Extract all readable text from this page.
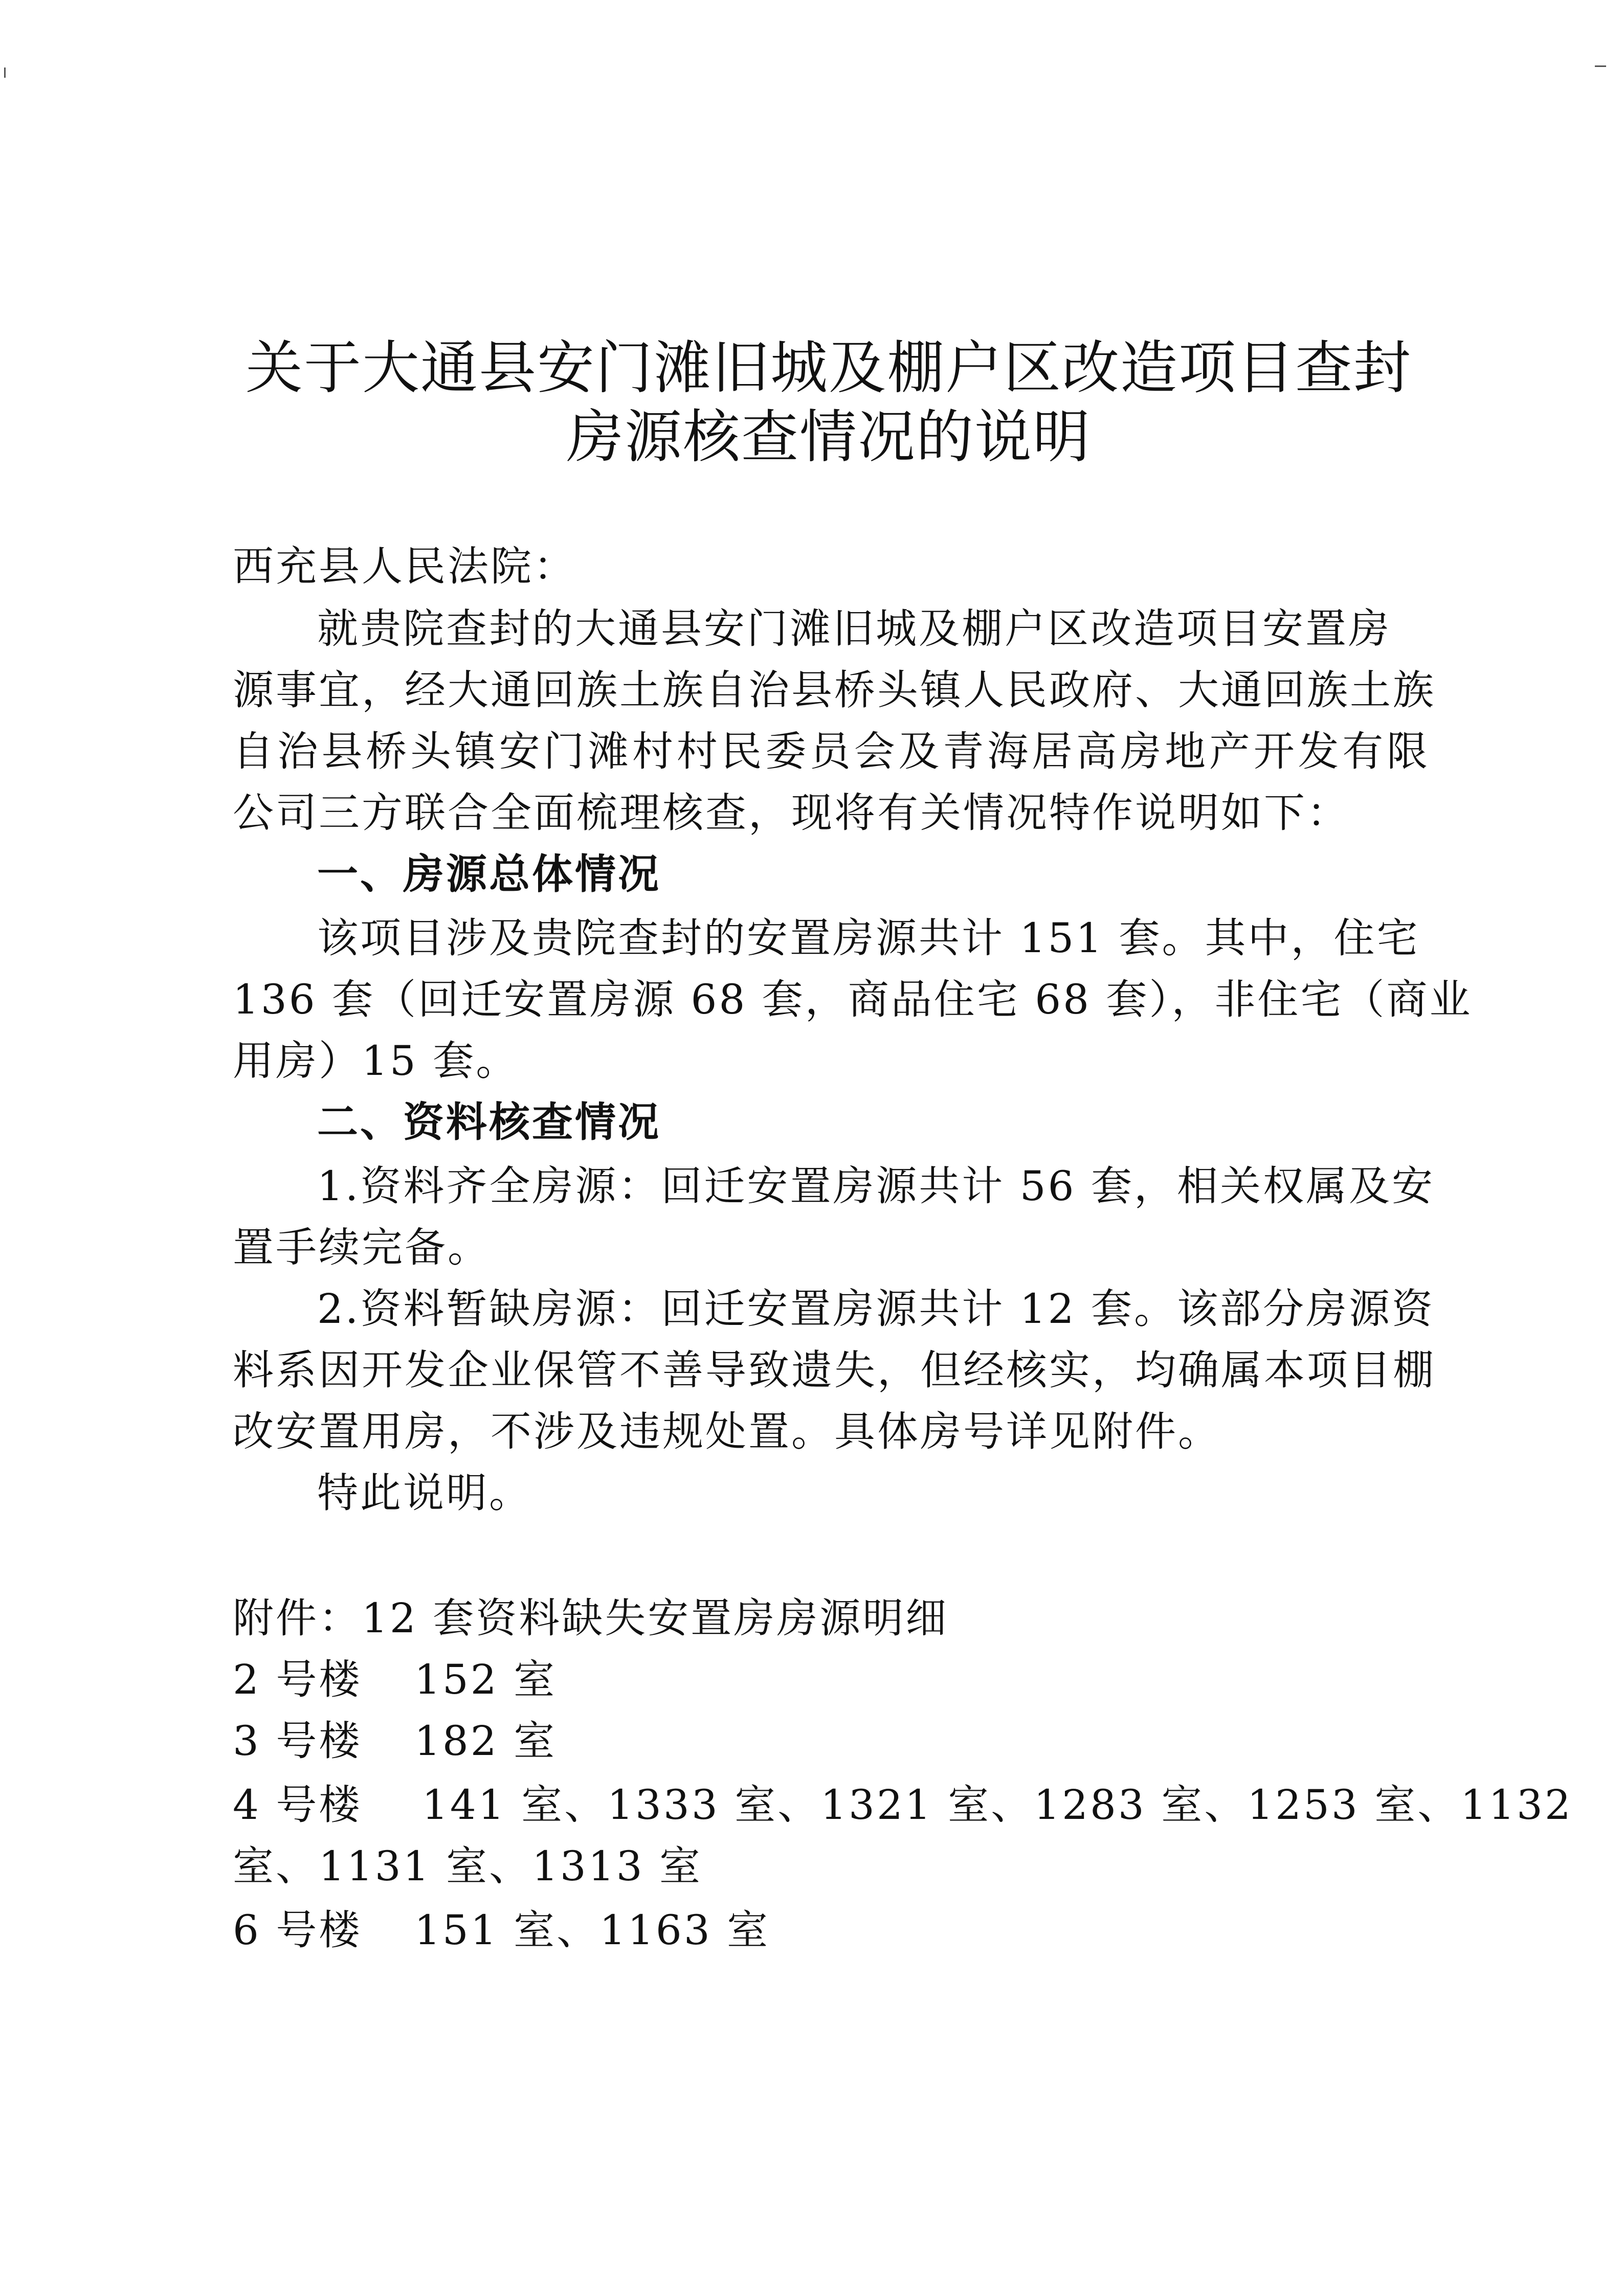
关于大通县安门滩旧城及棚户区改造项目查封
房源核查情况的说明
西充县人民法院：
就贵院查封的大通县安门滩旧城及棚户区改造项目安置房
源事宜，经大通回族土族自治县桥头镇人民政府、大通回族土族
自治县桥头镇安门滩村村民委员会及青海居高房地产开发有限
公司三方联合全面梳理核查，现将有关情况特作说明如下：
一、房源总体情况
该项目涉及贵院查封的安置房源共计 151 套。其中，住宅
136 套（回迁安置房源 68 套，商品住宅 68 套），非住宅（商业
用房）15 套。
二、资料核查情况
1.资料齐全房源：回迁安置房源共计 56 套，相关权属及安
置手续完备。
2.资料暂缺房源：回迁安置房源共计 12 套。该部分房源资
料系因开发企业保管不善导致遗失，但经核实，均确属本项目棚
改安置用房，不涉及违规处置。具体房号详见附件。
特此说明。
附件：12 套资料缺失安置房房源明细
2 号楼 152 室
3 号楼 182 室
4 号楼 141 室、1333 室、1321 室、1283 室、1253 室、1132
室、1131 室、1313 室
6 号楼 151 室、1163 室
